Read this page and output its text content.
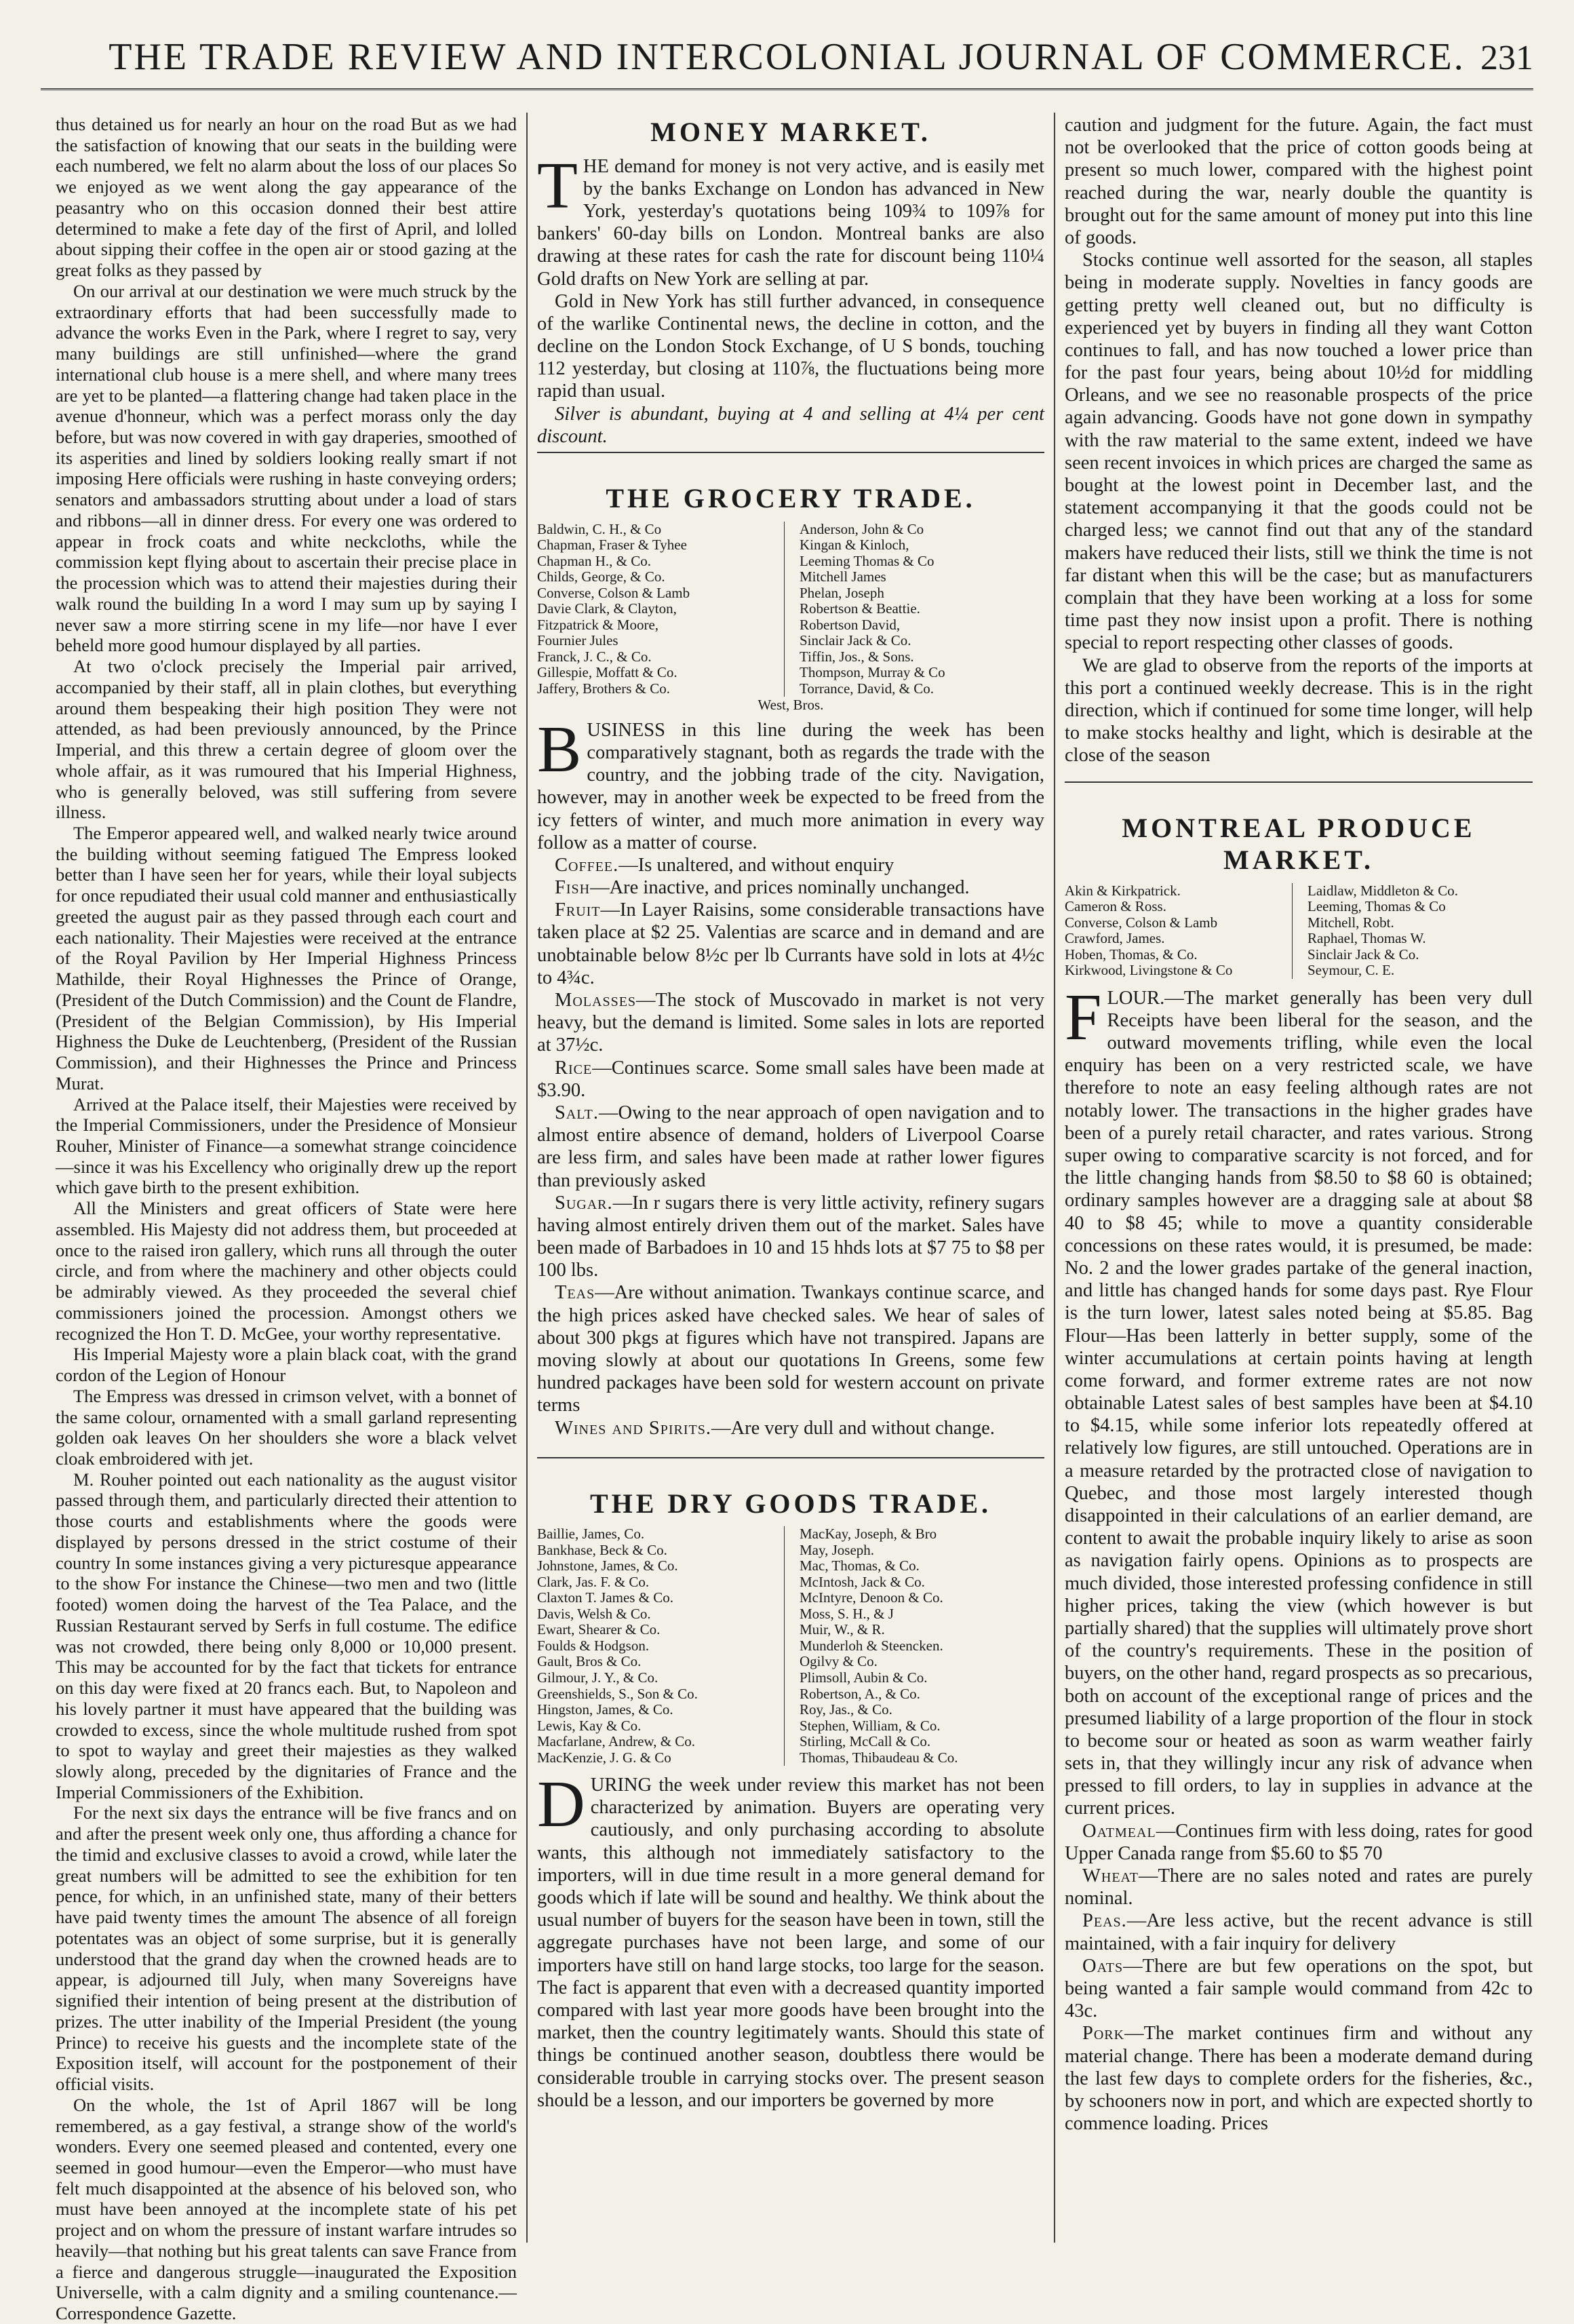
THE TRADE REVIEW AND INTERCOLONIAL JOURNAL OF COMMERCE. 231

thus detained us for nearly an hour on the road But as we had the satisfaction of knowing that our seats in the building were each numbered, we felt no alarm about the loss of our places So we enjoyed as we went along the gay appearance of the peasantry who on this occasion donned their best attire determined to make a fete day of the first of April, and lolled about sipping their coffee in the open air or stood gazing at the great folks as they passed by

On our arrival at our destination we were much struck by the extraordinary efforts that had been successfully made to advance the works Even in the Park, where I regret to say, very many buildings are still unfinished—where the grand international club house is a mere shell, and where many trees are yet to be planted—a flattering change had taken place in the avenue d'honneur, which was a perfect morass only the day before, but was now covered in with gay draperies, smoothed of its asperities and lined by soldiers looking really smart if not imposing Here officials were rushing in haste conveying orders; senators and ambassadors strutting about under a load of stars and ribbons—all in dinner dress. For every one was ordered to appear in frock coats and white neckcloths, while the commission kept flying about to ascertain their precise place in the procession which was to attend their majesties during their walk round the building In a word I may sum up by saying I never saw a more stirring scene in my life—nor have I ever beheld more good humour displayed by all parties.

At two o'clock precisely the Imperial pair arrived, accompanied by their staff, all in plain clothes, but everything around them bespeaking their high position They were not attended, as had been previously announced, by the Prince Imperial, and this threw a certain degree of gloom over the whole affair, as it was rumoured that his Imperial Highness, who is generally beloved, was still suffering from severe illness.

The Emperor appeared well, and walked nearly twice around the building without seeming fatigued The Empress looked better than I have seen her for years, while their loyal subjects for once repudiated their usual cold manner and enthusiastically greeted the august pair as they passed through each court and each nationality. Their Majesties were received at the entrance of the Royal Pavilion by Her Imperial Highness Princess Mathilde, their Royal Highnesses the Prince of Orange, (President of the Dutch Commission) and the Count de Flandre, (President of the Belgian Commission), by His Imperial Highness the Duke de Leuchtenberg, (President of the Russian Commission), and their Highnesses the Prince and Princess Murat.

Arrived at the Palace itself, their Majesties were received by the Imperial Commissioners, under the Presidence of Monsieur Rouher, Minister of Finance—a somewhat strange coincidence—since it was his Excellency who originally drew up the report which gave birth to the present exhibition.

All the Ministers and great officers of State were here assembled. His Majesty did not address them, but proceeded at once to the raised iron gallery, which runs all through the outer circle, and from where the machinery and other objects could be admirably viewed. As they proceeded the several chief commissioners joined the procession. Amongst others we recognized the Hon T. D. McGee, your worthy representative.

His Imperial Majesty wore a plain black coat, with the grand cordon of the Legion of Honour

The Empress was dressed in crimson velvet, with a bonnet of the same colour, ornamented with a small garland representing golden oak leaves On her shoulders she wore a black velvet cloak embroidered with jet.

M. Rouher pointed out each nationality as the august visitor passed through them, and particularly directed their attention to those courts and establishments where the goods were displayed by persons dressed in the strict costume of their country In some instances giving a very picturesque appearance to the show For instance the Chinese—two men and two (little footed) women doing the harvest of the Tea Palace, and the Russian Restaurant served by Serfs in full costume. The edifice was not crowded, there being only 8,000 or 10,000 present. This may be accounted for by the fact that tickets for entrance on this day were fixed at 20 francs each. But, to Napoleon and his lovely partner it must have appeared that the building was crowded to excess, since the whole multitude rushed from spot to spot to waylay and greet their majesties as they walked slowly along, preceded by the dignitaries of France and the Imperial Commissioners of the Exhibition.

For the next six days the entrance will be five francs and on and after the present week only one, thus affording a chance for the timid and exclusive classes to avoid a crowd, while later the great numbers will be admitted to see the exhibition for ten pence, for which, in an unfinished state, many of their betters have paid twenty times the amount The absence of all foreign potentates was an object of some surprise, but it is generally understood that the grand day when the crowned heads are to appear, is adjourned till July, when many Sovereigns have signified their intention of being present at the distribution of prizes. The utter inability of the Imperial President (the young Prince) to receive his guests and the incomplete state of the Exposition itself, will account for the postponement of their official visits.

On the whole, the 1st of April 1867 will be long remembered, as a gay festival, a strange show of the world's wonders. Every one seemed pleased and contented, every one seemed in good humour—even the Emperor—who must have felt much disappointed at the absence of his beloved son, who must have been annoyed at the incomplete state of his pet project and on whom the pressure of instant warfare intrudes so heavily—that nothing but his great talents can save France from a fierce and dangerous struggle—inaugurated the Exposition Universelle, with a calm dignity and a smiling countenance.—Correspondence Gazette.

MONEY MARKET.

THE demand for money is not very active, and is easily met by the banks Exchange on London has advanced in New York, yesterday's quotations being 109¾ to 109⅞ for bankers' 60-day bills on London. Montreal banks are also drawing at these rates for cash the rate for discount being 110¼ Gold drafts on New York are selling at par.

Gold in New York has still further advanced, in consequence of the warlike Continental news, the decline in cotton, and the decline on the London Stock Exchange, of U S bonds, touching 112 yesterday, but closing at 110⅞, the fluctuations being more rapid than usual.

Silver is abundant, buying at 4 and selling at 4¼ per cent discount.

THE GROCERY TRADE.
Baldwin, C. H., & Co
Chapman, Fraser & Tyhee
Chapman H., & Co.
Childs, George, & Co.
Converse, Colson & Lamb
Davie Clark, & Clayton,
Fitzpatrick & Moore,
Fournier Jules
Franck, J. C., & Co.
Gillespie, Moffatt & Co.
Jaffery, Brothers & Co.
Anderson, John & Co
Kingan & Kinloch,
Leeming Thomas & Co
Mitchell James
Phelan, Joseph
Robertson & Beattie.
Robertson David,
Sinclair Jack & Co.
Tiffin, Jos., & Sons.
Thompson, Murray & Co
Torrance, David, & Co.
West, Bros.

BUSINESS in this line during the week has been comparatively stagnant, both as regards the trade with the country, and the jobbing trade of the city. Navigation, however, may in another week be expected to be freed from the icy fetters of winter, and much more animation in every way follow as a matter of course.

Coffee.—Is unaltered, and without enquiry

Fish—Are inactive, and prices nominally unchanged.

Fruit—In Layer Raisins, some considerable transactions have taken place at $2 25. Valentias are scarce and in demand and are unobtainable below 8½c per lb Currants have sold in lots at 4½c to 4¾c.

Molasses—The stock of Muscovado in market is not very heavy, but the demand is limited. Some sales in lots are reported at 37½c.

Rice—Continues scarce. Some small sales have been made at $3.90.

Salt.—Owing to the near approach of open navigation and to almost entire absence of demand, holders of Liverpool Coarse are less firm, and sales have been made at rather lower figures than previously asked

Sugar.—In r sugars there is very little activity, refinery sugars having almost entirely driven them out of the market. Sales have been made of Barbadoes in 10 and 15 hhds lots at $7 75 to $8 per 100 lbs.

Teas—Are without animation. Twankays continue scarce, and the high prices asked have checked sales. We hear of sales of about 300 pkgs at figures which have not transpired. Japans are moving slowly at about our quotations In Greens, some few hundred packages have been sold for western account on private terms

Wines and Spirits.—Are very dull and without change.

THE DRY GOODS TRADE.
Baillie, James, Co.
Bankhase, Beck & Co.
Johnstone, James, & Co.
Clark, Jas. F. & Co.
Claxton T. James & Co.
Davis, Welsh & Co.
Ewart, Shearer & Co.
Foulds & Hodgson.
Gault, Bros & Co.
Gilmour, J. Y., & Co.
Greenshields, S., Son & Co.
Hingston, James, & Co.
Lewis, Kay & Co.
Macfarlane, Andrew, & Co.
MacKenzie, J. G. & Co
MacKay, Joseph, & Bro
May, Joseph.
Mac, Thomas, & Co.
McIntosh, Jack & Co.
McIntyre, Denoon & Co.
Moss, S. H., & J
Muir, W., & R.
Munderloh & Steencken.
Ogilvy & Co.
Plimsoll, Aubin & Co.
Robertson, A., & Co.
Roy, Jas., & Co.
Stephen, William, & Co.
Stirling, McCall & Co.
Thomas, Thibaudeau & Co.

DURING the week under review this market has not been characterized by animation. Buyers are operating very cautiously, and only purchasing according to absolute wants, this although not immediately satisfactory to the importers, will in due time result in a more general demand for goods which if late will be sound and healthy. We think about the usual number of buyers for the season have been in town, still the aggregate purchases have not been large, and some of our importers have still on hand large stocks, too large for the season. The fact is apparent that even with a decreased quantity imported compared with last year more goods have been brought into the market, then the country legitimately wants. Should this state of things be continued another season, doubtless there would be considerable trouble in carrying stocks over. The present season should be a lesson, and our importers be governed by more

caution and judgment for the future. Again, the fact must not be overlooked that the price of cotton goods being at present so much lower, compared with the highest point reached during the war, nearly double the quantity is brought out for the same amount of money put into this line of goods.

Stocks continue well assorted for the season, all staples being in moderate supply. Novelties in fancy goods are getting pretty well cleaned out, but no difficulty is experienced yet by buyers in finding all they want Cotton continues to fall, and has now touched a lower price than for the past four years, being about 10½d for middling Orleans, and we see no reasonable prospects of the price again advancing. Goods have not gone down in sympathy with the raw material to the same extent, indeed we have seen recent invoices in which prices are charged the same as bought at the lowest point in December last, and the statement accompanying it that the goods could not be charged less; we cannot find out that any of the standard makers have reduced their lists, still we think the time is not far distant when this will be the case; but as manufacturers complain that they have been working at a loss for some time past they now insist upon a profit. There is nothing special to report respecting other classes of goods.

We are glad to observe from the reports of the imports at this port a continued weekly decrease. This is in the right direction, which if continued for some time longer, will help to make stocks healthy and light, which is desirable at the close of the season

MONTREAL PRODUCE MARKET.
Akin & Kirkpatrick.
Cameron & Ross.
Converse, Colson & Lamb
Crawford, James.
Hoben, Thomas, & Co.
Kirkwood, Livingstone & Co
Laidlaw, Middleton & Co.
Leeming, Thomas & Co
Mitchell, Robt.
Raphael, Thomas W.
Sinclair Jack & Co.
Seymour, C. E.

FLOUR.—The market generally has been very dull Receipts have been liberal for the season, and the outward movements trifling, while even the local enquiry has been on a very restricted scale, we have therefore to note an easy feeling although rates are not notably lower. The transactions in the higher grades have been of a purely retail character, and rates various. Strong super owing to comparative scarcity is not forced, and for the little changing hands from $8.50 to $8 60 is obtained; ordinary samples however are a dragging sale at about $8 40 to $8 45; while to move a quantity considerable concessions on these rates would, it is presumed, be made: No. 2 and the lower grades partake of the general inaction, and little has changed hands for some days past. Rye Flour is the turn lower, latest sales noted being at $5.85. Bag Flour—Has been latterly in better supply, some of the winter accumulations at certain points having at length come forward, and former extreme rates are not now obtainable Latest sales of best samples have been at $4.10 to $4.15, while some inferior lots repeatedly offered at relatively low figures, are still untouched. Operations are in a measure retarded by the protracted close of navigation to Quebec, and those most largely interested though disappointed in their calculations of an earlier demand, are content to await the probable inquiry likely to arise as soon as navigation fairly opens. Opinions as to prospects are much divided, those interested professing confidence in still higher prices, taking the view (which however is but partially shared) that the supplies will ultimately prove short of the country's requirements. These in the position of buyers, on the other hand, regard prospects as so precarious, both on account of the exceptional range of prices and the presumed liability of a large proportion of the flour in stock to become sour or heated as soon as warm weather fairly sets in, that they willingly incur any risk of advance when pressed to fill orders, to lay in supplies in advance at the current prices.

Oatmeal—Continues firm with less doing, rates for good Upper Canada range from $5.60 to $5 70

Wheat—There are no sales noted and rates are purely nominal.

Peas.—Are less active, but the recent advance is still maintained, with a fair inquiry for delivery

Oats—There are but few operations on the spot, but being wanted a fair sample would command from 42c to 43c.

Pork—The market continues firm and without any material change. There has been a moderate demand during the last few days to complete orders for the fisheries, &c., by schooners now in port, and which are expected shortly to commence loading. Prices
